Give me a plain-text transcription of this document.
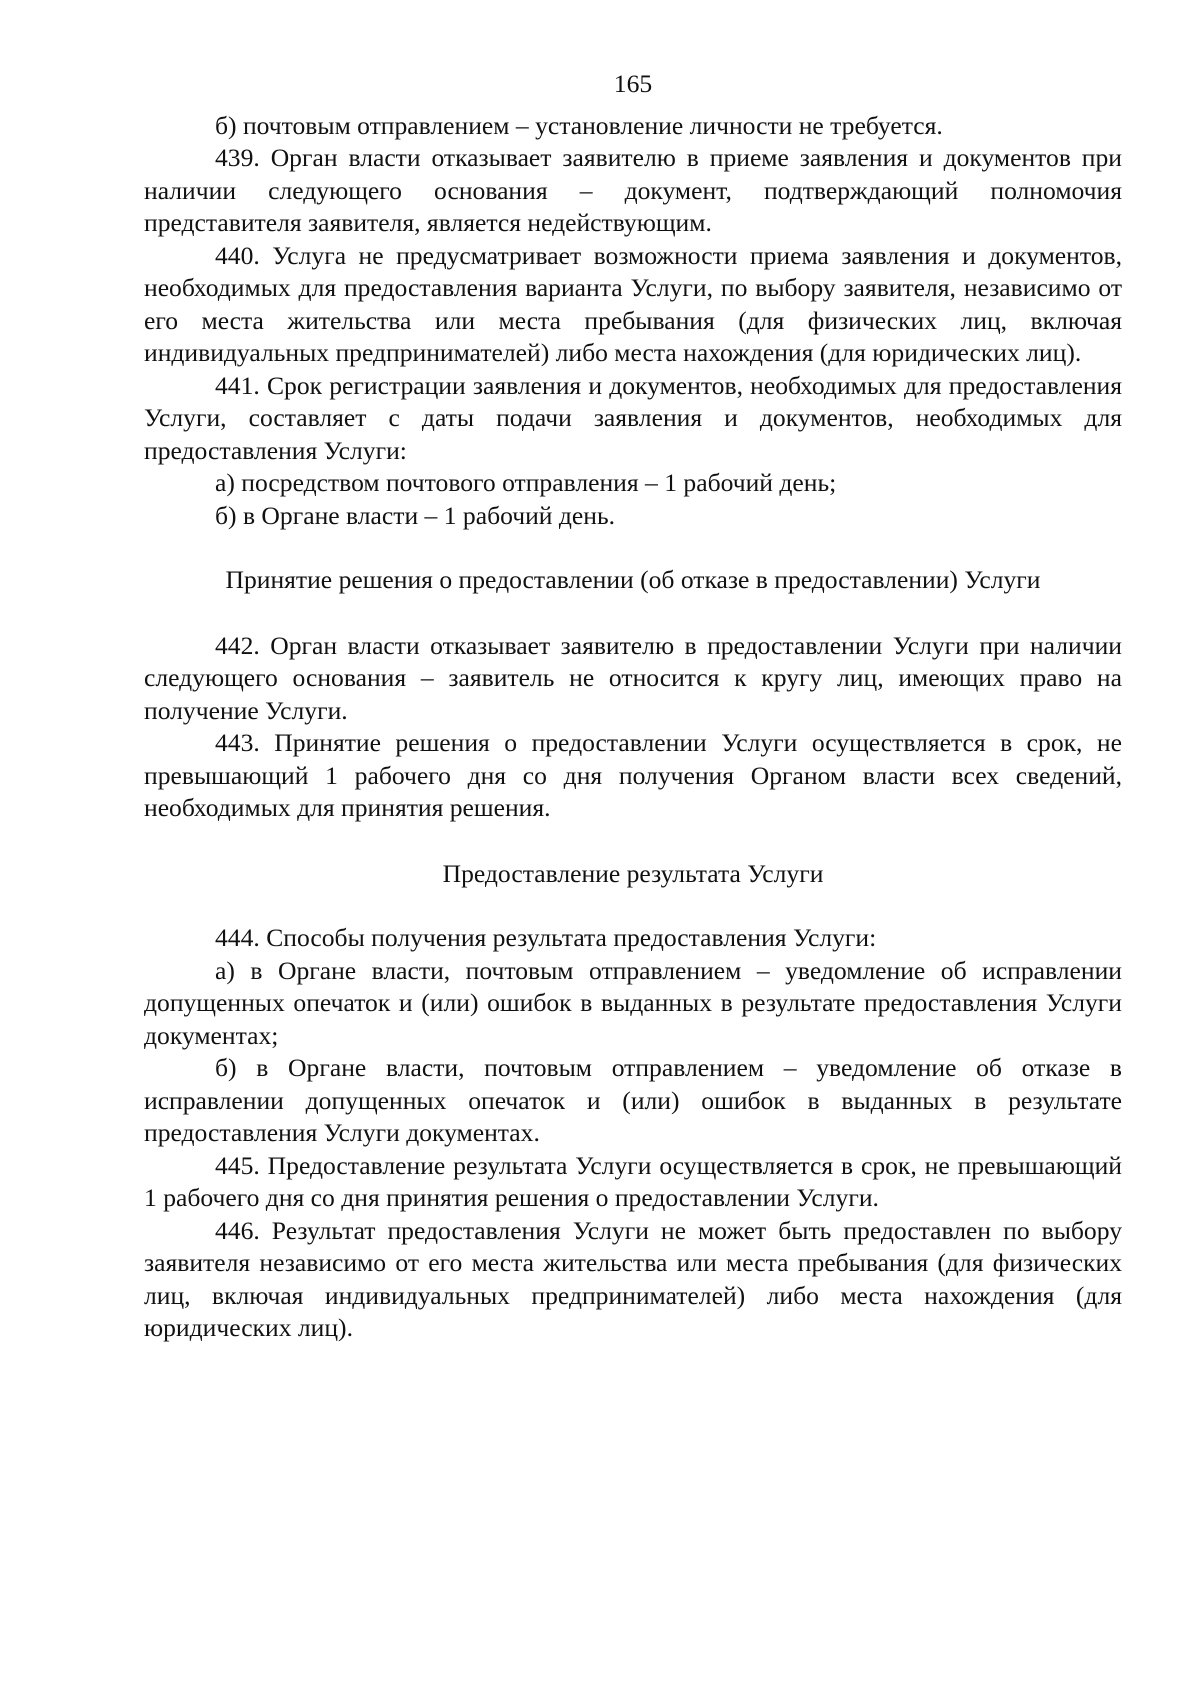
165

б) почтовым отправлением – установление личности не требуется.

439. Орган власти отказывает заявителю в приеме заявления и документов при наличии следующего основания – документ, подтверждающий полномочия представителя заявителя, является недействующим.

440. Услуга не предусматривает возможности приема заявления и документов, необходимых для предоставления варианта Услуги, по выбору заявителя, независимо от его места жительства или места пребывания (для физических лиц, включая индивидуальных предпринимателей) либо места нахождения (для юридических лиц).

441. Срок регистрации заявления и документов, необходимых для предоставления Услуги, составляет с даты подачи заявления и документов, необходимых для предоставления Услуги:

а) посредством почтового отправления – 1 рабочий день;

б) в Органе власти – 1 рабочий день.

Принятие решения о предоставлении (об отказе в предоставлении) Услуги

442. Орган власти отказывает заявителю в предоставлении Услуги при наличии следующего основания – заявитель не относится к кругу лиц, имеющих право на получение Услуги.

443. Принятие решения о предоставлении Услуги осуществляется в срок, не превышающий 1 рабочего дня со дня получения Органом власти всех сведений, необходимых для принятия решения.

Предоставление результата Услуги

444. Способы получения результата предоставления Услуги:

а) в Органе власти, почтовым отправлением – уведомление об исправлении допущенных опечаток и (или) ошибок в выданных в результате предоставления Услуги документах;

б) в Органе власти, почтовым отправлением – уведомление об отказе в исправлении допущенных опечаток и (или) ошибок в выданных в результате предоставления Услуги документах.

445. Предоставление результата Услуги осуществляется в срок, не превышающий 1 рабочего дня со дня принятия решения о предоставлении Услуги.

446. Результат предоставления Услуги не может быть предоставлен по выбору заявителя независимо от его места жительства или места пребывания (для физических лиц, включая индивидуальных предпринимателей) либо места нахождения (для юридических лиц).
